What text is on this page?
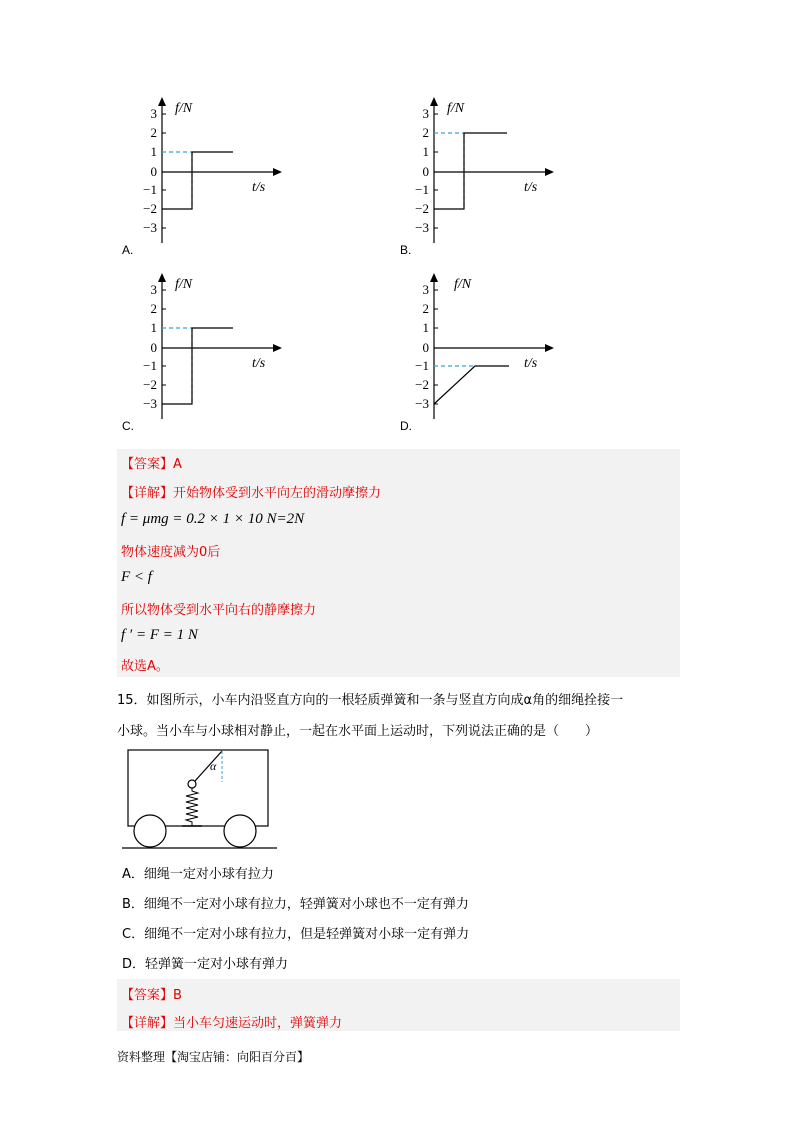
3
2
1
0
−1
−2
−3
f/N
t/s
A.
3
2
1
0
−1
−2
−3
f/N
t/s
B.
3
2
1
0
−1
−2
−3
f/N
t/s
C.
3
2
1
0
−1
−2
−3
f/N
t/s
D.
【答案】A
【详解】开始物体受到水平向左的滑动摩擦力
f = μmg = 0.2 × 1 × 10 N=2N
物体速度减为0后
F < f
所以物体受到水平向右的静摩擦力
f ′ = F = 1 N
故选A。
15．如图所示，小车内沿竖直方向的一根轻质弹簧和一条与竖直方向成α角的细绳拴接一
小球。当小车与小球相对静止，一起在水平面上运动时，下列说法正确的是（　　）
α
A．细绳一定对小球有拉力
B．细绳不一定对小球有拉力，轻弹簧对小球也不一定有弹力
C．细绳不一定对小球有拉力，但是轻弹簧对小球一定有弹力
D．轻弹簧一定对小球有弹力
【答案】B
【详解】当小车匀速运动时，弹簧弹力
资料整理【淘宝店铺：向阳百分百】
